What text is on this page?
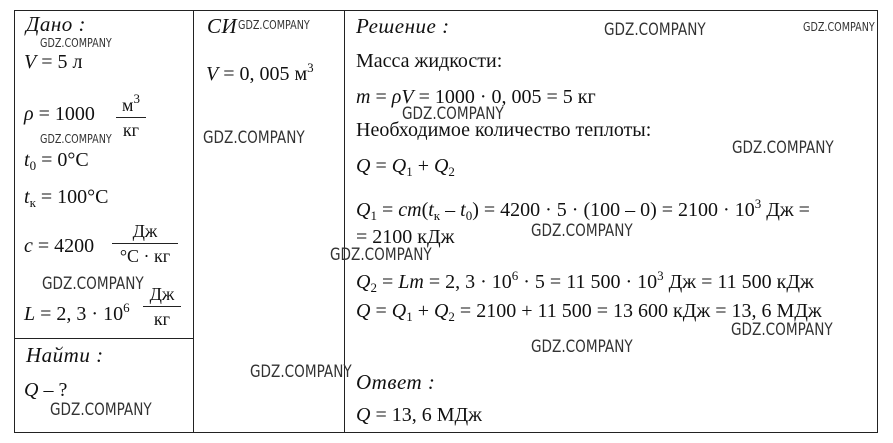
Дано :
V = 5 л
ρ = 1000	$м^3$
кг
$t_0 = 0^\circ С$
$t_к = 100^\circ С$
c = 4200
Дж
°С · кг
L = 2, $3 \cdot 10^6$
Дж
кг
Найти :
Q – ?
СИ
V = 0, 005 $м^3$
Решение :
Масса жидкости:
m = ρV = 1000 · 0, 005 = 5 кг
Необходимое количество теплоты:
$Q = Q_1 + Q_2$
$Q_1 = cm(t_к - t_0) = 4200 \cdot 5 \cdot (100 - 0) = 2100 \cdot 10^3$ Дж =
= 2100 кДж
$Q_2 = Lm = 2$, $3 \cdot 10^6 \cdot 5 = 11$ $500 \cdot 10^3$ Дж = 11 500 кДж
$Q = Q_1 + Q_2 = 2100 + 11$ 500 = 13 600 кДж = 13, 6 МДж
Ответ :
Q = 13, 6 МДж
GDZ.COMPANY
GDZ.COMPANY
GDZ.COMPANY
GDZ.COMPANY
GDZ.COMPANY
GDZ.COMPANY
GDZ.COMPANY
GDZ.COMPANY
GDZ.COMPANY	GDZ.COMPANY
GDZ.COMPANY
GDZ.COMPANY
GDZ.COMPANY
GDZ.COMPANY
GDZ.COMPANY
